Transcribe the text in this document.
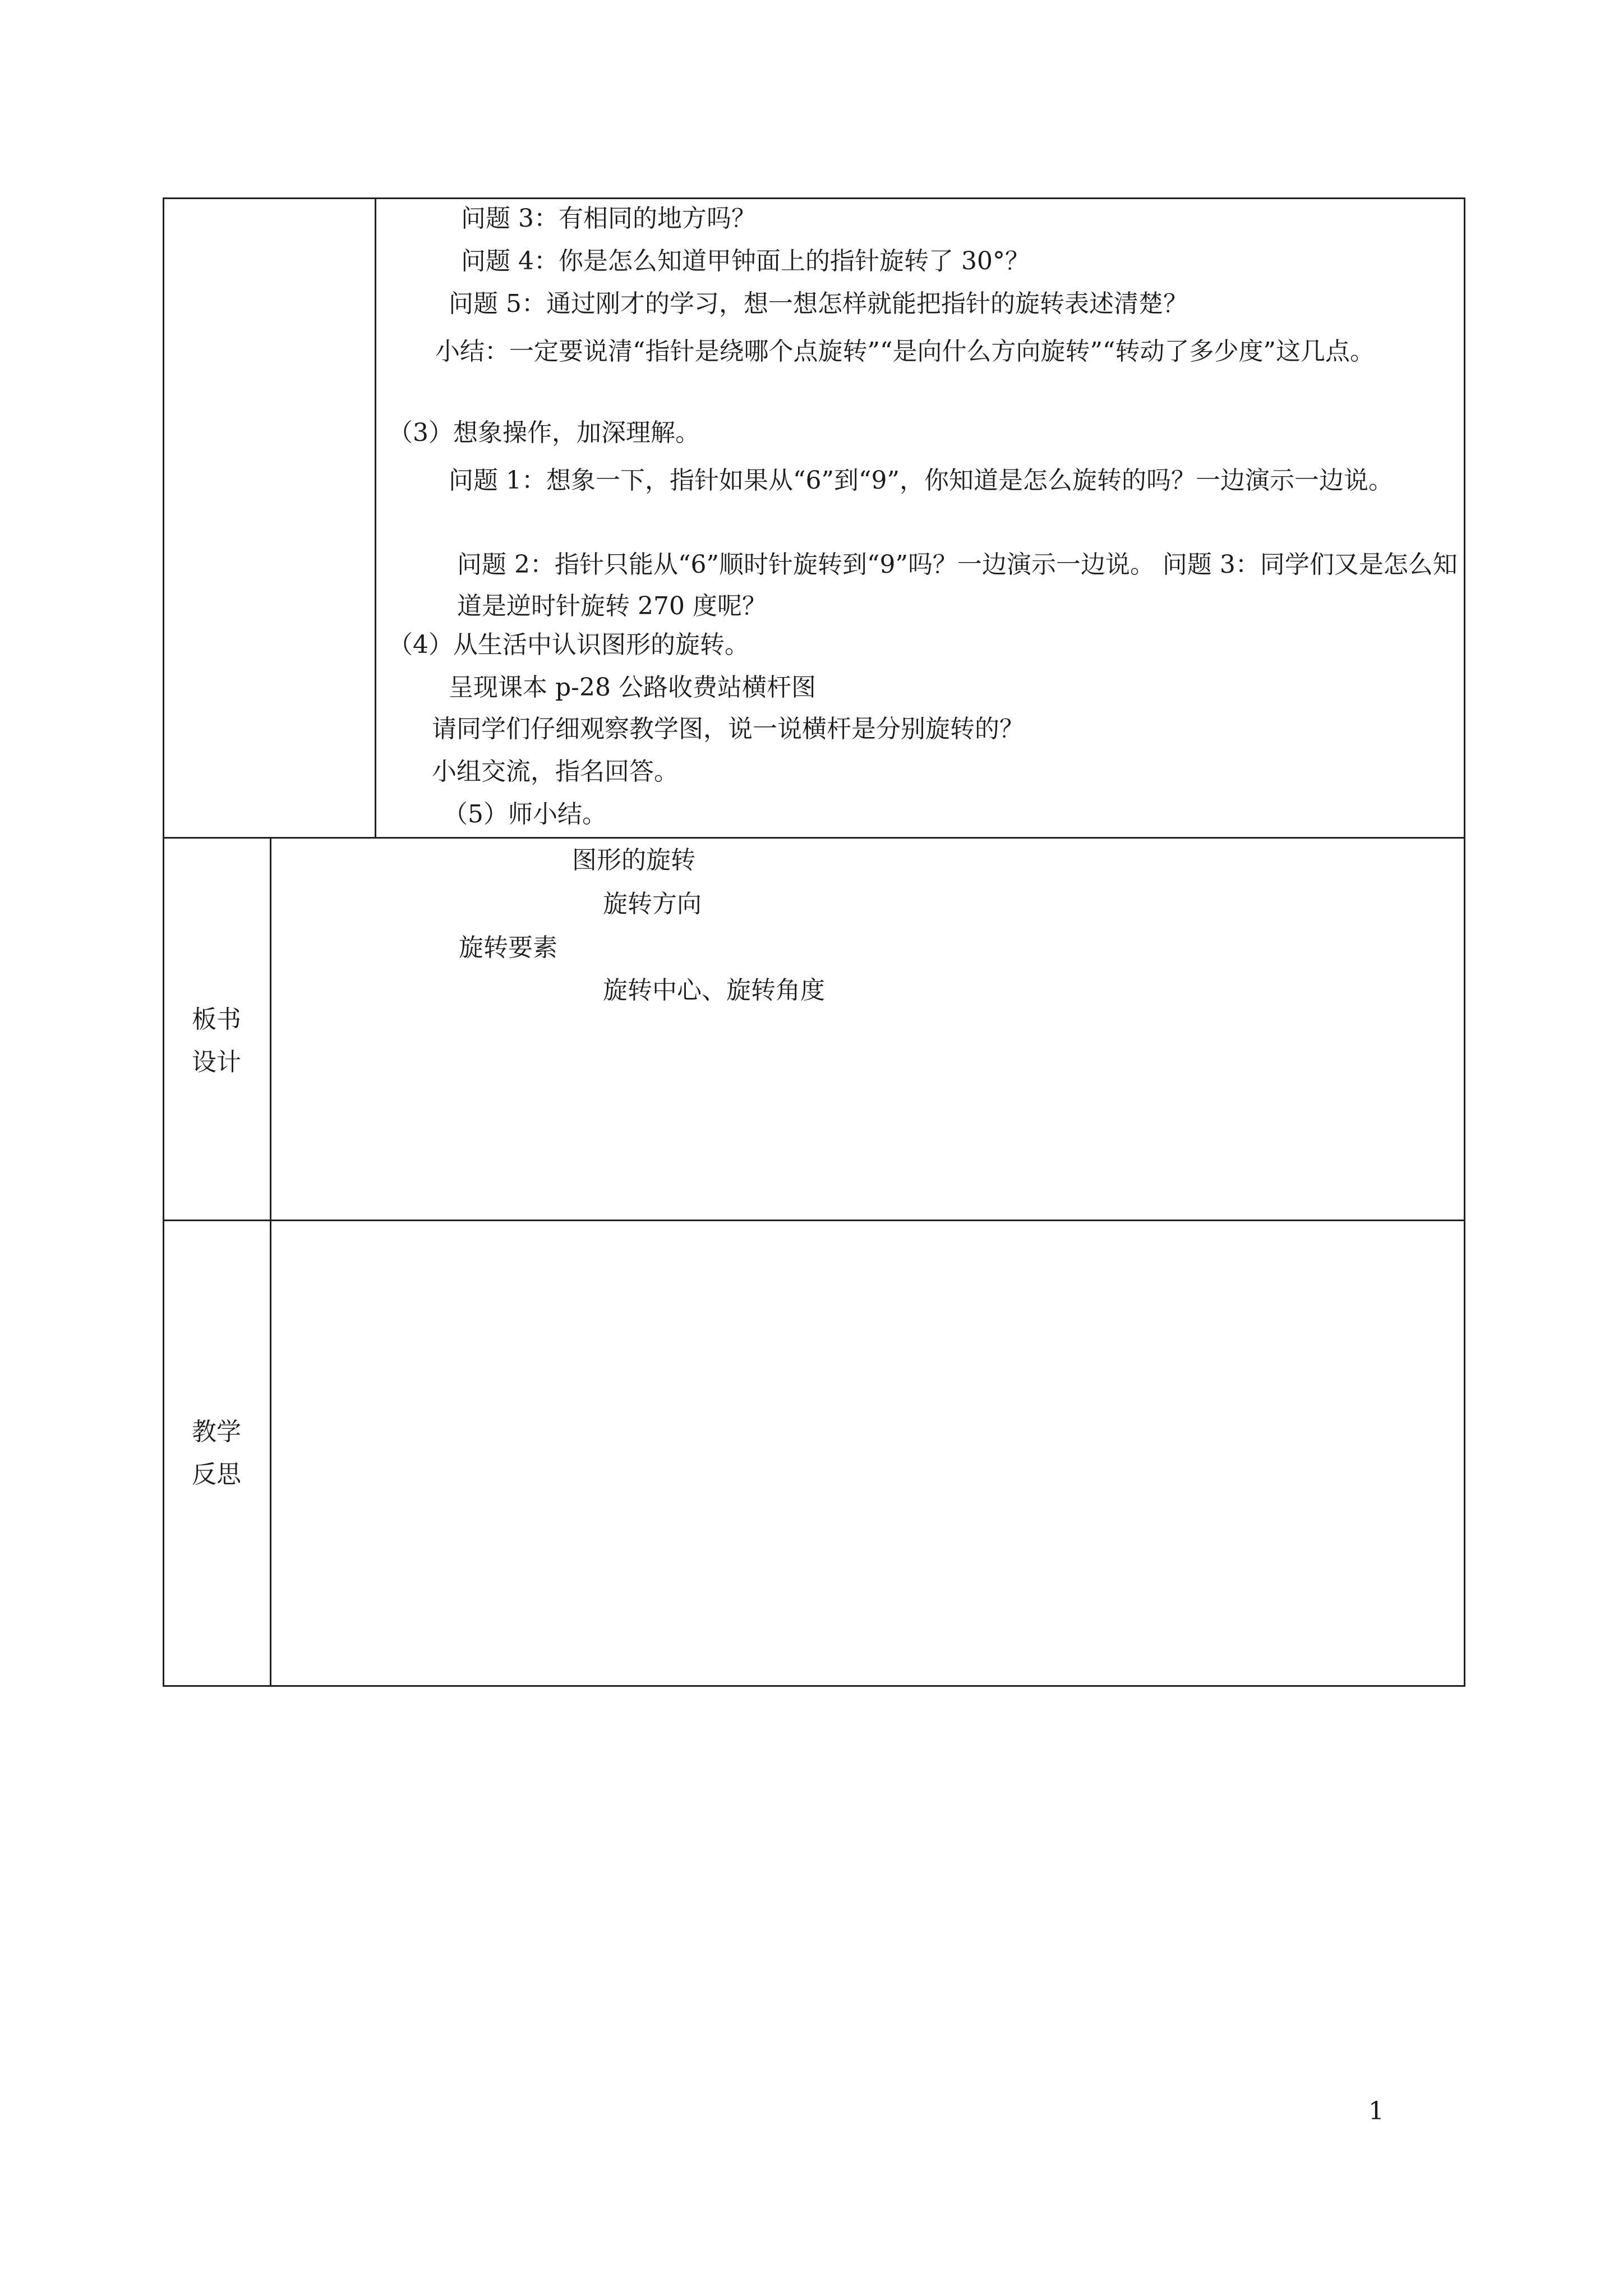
问题 3：有相同的地方吗？
问题 4：你是怎么知道甲钟面上的指针旋转了 30°？
问题 5：通过刚才的学习，想一想怎样就能把指针的旋转表述清楚？
小结：一定要说清“指针是绕哪个点旋转”“是向什么方向旋转”“转动了多少度”这几点。
（3）想象操作，加深理解。
问题 1：想象一下，指针如果从“6”到“9”，你知道是怎么旋转的吗？一边演示一边说。
问题 2：指针只能从“6”顺时针旋转到“9”吗？一边演示一边说。 问题 3：同学们又是怎么知道是逆时针旋转 270 度呢？
（4）从生活中认识图形的旋转。
呈现课本 p-28 公路收费站横杆图
请同学们仔细观察教学图，说一说横杆是分别旋转的？
小组交流，指名回答。
（5）师小结。
板书设计
图形的旋转
旋转方向
旋转要素
旋转中心、旋转角度
教学反思
1
